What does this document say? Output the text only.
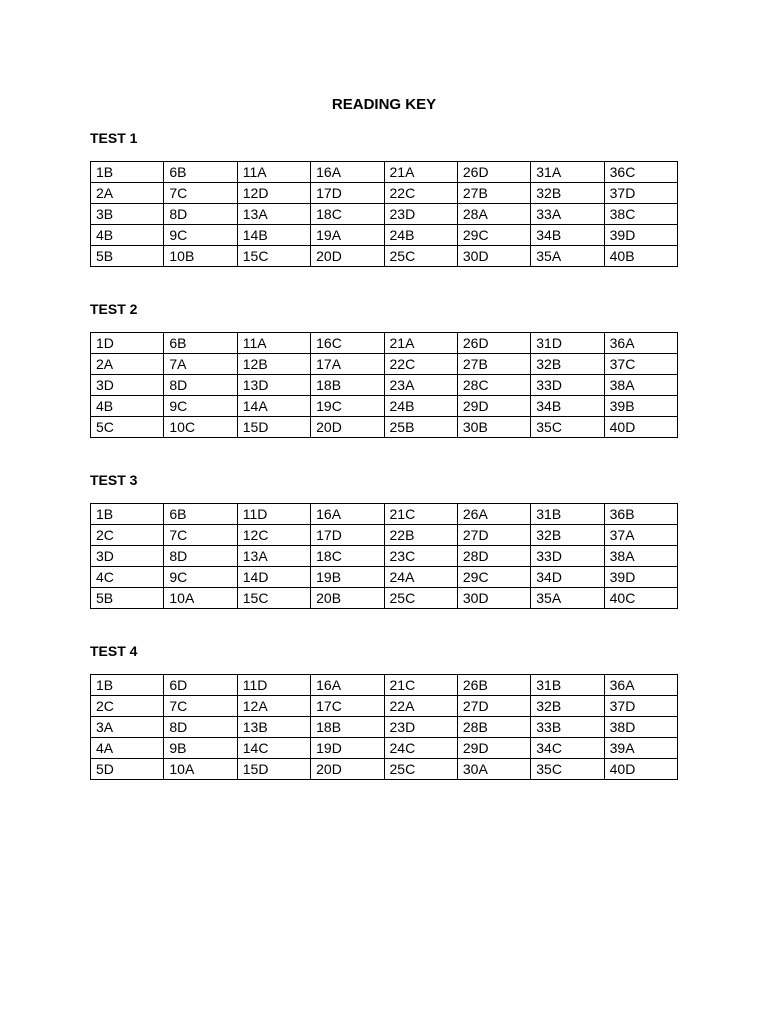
READING KEY
TEST 1
1B	6B	11A	16A	21A	26D	31A	36C
2A	7C	12D	17D	22C	27B	32B	37D
3B	8D	13A	18C	23D	28A	33A	38C
4B	9C	14B	19A	24B	29C	34B	39D
5B	10B	15C	20D	25C	30D	35A	40B
TEST 2
1D	6B	11A	16C	21A	26D	31D	36A
2A	7A	12B	17A	22C	27B	32B	37C
3D	8D	13D	18B	23A	28C	33D	38A
4B	9C	14A	19C	24B	29D	34B	39B
5C	10C	15D	20D	25B	30B	35C	40D
TEST 3
1B	6B	11D	16A	21C	26A	31B	36B
2C	7C	12C	17D	22B	27D	32B	37A
3D	8D	13A	18C	23C	28D	33D	38A
4C	9C	14D	19B	24A	29C	34D	39D
5B	10A	15C	20B	25C	30D	35A	40C
TEST 4
1B	6D	11D	16A	21C	26B	31B	36A
2C	7C	12A	17C	22A	27D	32B	37D
3A	8D	13B	18B	23D	28B	33B	38D
4A	9B	14C	19D	24C	29D	34C	39A
5D	10A	15D	20D	25C	30A	35C	40D
